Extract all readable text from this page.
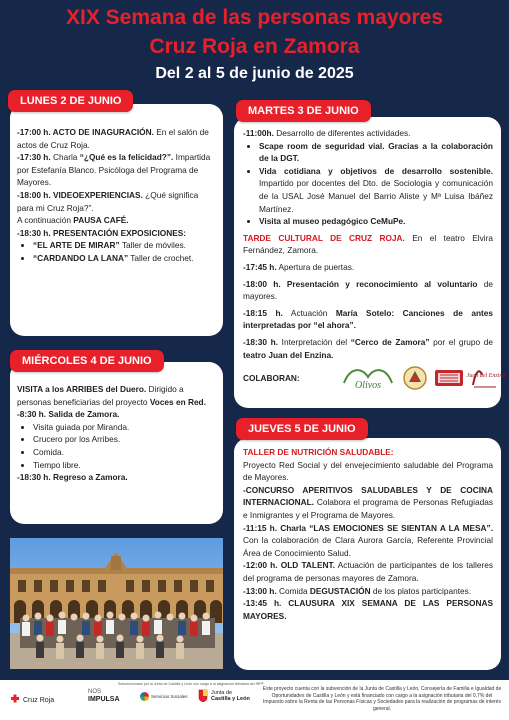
XIX Semana de las personas mayores
Cruz Roja en Zamora
Del 2 al 5 de junio de 2025

-17:00 h. ACTO DE INAGURACIÓN. En el salón de actos de Cruz Roja.

-17:30 h. Charla “¿Qué es la felicidad?”. Impartida por Estefanía Blanco. Psicóloga del Programa de Mayores.

-18:00 h. VIDEOEXPERIENCIAS. ¿Qué significa para mi Cruz Roja?”.

A continuación PAUSA CAFÉ.

-18:30 h. PRESENTACIÓN EXPOSICIONES:

• “EL ARTE DE MIRAR” Taller de móviles.
• “CARDANDO LA LANA” Taller de crochet.
LUNES 2 DE JUNIO

VISITA a los ARRIBES del Duero. Dirigido a personas beneficiarias del proyecto Voces en Red.

-8:30 h. Salida de Zamora.

• Visita guiada por Miranda.
• Crucero por los Arribes.
• Comida.
• Tiempo libre.

-18:30 h. Regreso a Zamora.

MIÉRCOLES 4 DE JUNIO

-11:00h. Desarrollo de diferentes actividades.

• Scape room de seguridad vial. Gracias a la colaboración de la DGT.
• Vida cotidiana y objetivos de desarrollo sostenible. Impartido por docentes del Dto. de Sociologia y comunicación de la USAL José Manuel del Barrio Aliste y Mª Luisa Ibáñez Martínez.
• Visita al museo pedagógico CeMuPe.

TARDE CULTURAL DE CRUZ ROJA. En el teatro Elvira Fernández, Zamora.

-17:45 h. Apertura de puertas.

-18:00 h. Presentación y reconocimiento al voluntario de mayores.

-18:15 h. Actuación María Sotelo: Canciones de antes interpretadas por “el ahora”.

-18:30 h. Interpretación del “Cerco de Zamora” por el grupo de teatro Juan del Enzina.

COLABORAN:
Olivos
Juan del Enzina
MARTES 3 DE JUNIO

TALLER DE NUTRICIÓN SALUDABLE:

Proyecto Red Social y del envejecimiento saludable del Programa de Mayores.

-CONCURSO APERITIVOS SALUDABLES Y DE COCINA INTERNACIONAL. Colabora el programa de Personas Refugiadas e Inmigrantes y el Programa de Mayores.

-11:15 h. Charla “LAS EMOCIONES SE SIENTAN A LA MESA”. Con la colaboración de Clara Aurora García, Referente Provincial Área de Conocimiento Salud.

-12:00 h. OLD TALENT. Actuación de participantes de los talleres del programa de personas mayores de Zamora.

-13:00 h. Comida DEGUSTACIÓN de los platos participantes.

-13:45 h. CLAUSURA XIX SEMANA DE LAS PERSONAS MAYORES.

JUEVES 5 DE JUNIO
Subvencionado por la Junta de Castilla y León con cargo a la asignación tributaria del IRPF
Cruz Roja
NOS
IMPULSA	Servicios Sociales
Junta de
Castilla y León
Este proyecto cuenta con la subvención de la Junta de Castilla y León, Consejería de Familia e Igualdad de Oportunidades de Castilla y León y está financiado con cargo a la asignación tributaria del 0,7% del Impuesto sobre la Renta de las Personas Físicas y Sociedades para la realización de programas de interés general.
